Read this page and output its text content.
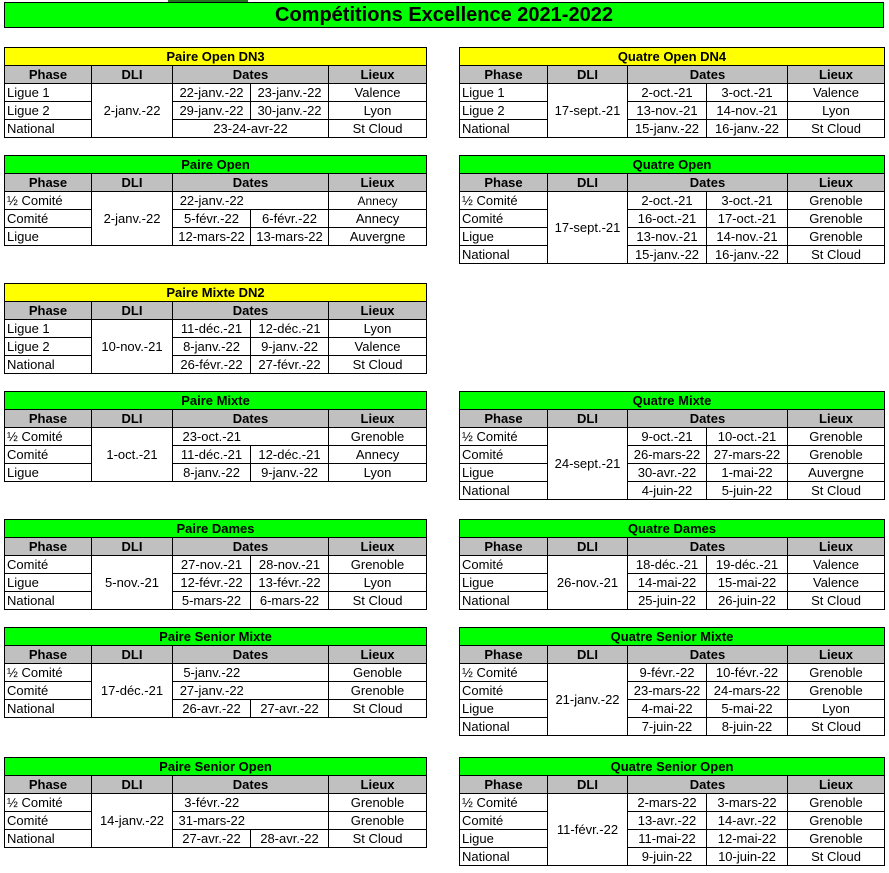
Compétitions Excellence 2021-2022
Paire Open DN3				
Phase	DLI	Dates		Lieux
Ligue 1	2-janv.-22	22-janv.-22	23-janv.-22	Valence
Ligue 2		29-janv.-22	30-janv.-22	Lyon
National		23-24-avr-22		St Cloud
Paire Open				
Phase	DLI	Dates		Lieux
½ Comité	2-janv.-22	22-janv.-22		Annecy
Comité		5-févr.-22	6-févr.-22	Annecy
Ligue		12-mars-22	13-mars-22	Auvergne
Paire Mixte DN2				
Phase	DLI	Dates		Lieux
Ligue 1	10-nov.-21	11-déc.-21	12-déc.-21	Lyon
Ligue 2		8-janv.-22	9-janv.-22	Valence
National		26-févr.-22	27-févr.-22	St Cloud
Paire Mixte				
Phase	DLI	Dates		Lieux
½ Comité	1-oct.-21	23-oct.-21		Grenoble
Comité		11-déc.-21	12-déc.-21	Annecy
Ligue		8-janv.-22	9-janv.-22	Lyon
Paire Dames				
Phase	DLI	Dates		Lieux
Comité	5-nov.-21	27-nov.-21	28-nov.-21	Grenoble
Ligue		12-févr.-22	13-févr.-22	Lyon
National		5-mars-22	6-mars-22	St Cloud
Paire Senior Mixte				
Phase	DLI	Dates		Lieux
½ Comité	17-déc.-21	5-janv.-22		Genoble
Comité		27-janv.-22		Grenoble
National		26-avr.-22	27-avr.-22	St Cloud
Paire Senior Open				
Phase	DLI	Dates		Lieux
½ Comité	14-janv.-22	3-févr.-22		Grenoble
Comité		31-mars-22		Grenoble
National		27-avr.-22	28-avr.-22	St Cloud
Quatre Open DN4				
Phase	DLI	Dates		Lieux
Ligue 1	17-sept.-21	2-oct.-21	3-oct.-21	Valence
Ligue 2		13-nov.-21	14-nov.-21	Lyon
National		15-janv.-22	16-janv.-22	St Cloud
Quatre Open				
Phase	DLI	Dates		Lieux
½ Comité	17-sept.-21	2-oct.-21	3-oct.-21	Grenoble
Comité		16-oct.-21	17-oct.-21	Grenoble
Ligue		13-nov.-21	14-nov.-21	Grenoble
National		15-janv.-22	16-janv.-22	St Cloud
Quatre Mixte				
Phase	DLI	Dates		Lieux
½ Comité	24-sept.-21	9-oct.-21	10-oct.-21	Grenoble
Comité		26-mars-22	27-mars-22	Grenoble
Ligue		30-avr.-22	1-mai-22	Auvergne
National		4-juin-22	5-juin-22	St Cloud
Quatre Dames				
Phase	DLI	Dates		Lieux
Comité	26-nov.-21	18-déc.-21	19-déc.-21	Valence
Ligue		14-mai-22	15-mai-22	Valence
National		25-juin-22	26-juin-22	St Cloud
Quatre Senior Mixte				
Phase	DLI	Dates		Lieux
½ Comité	21-janv.-22	9-févr.-22	10-févr.-22	Grenoble
Comité		23-mars-22	24-mars-22	Grenoble
Ligue		4-mai-22	5-mai-22	Lyon
National		7-juin-22	8-juin-22	St Cloud
Quatre Senior Open				
Phase	DLI	Dates		Lieux
½ Comité	11-févr.-22	2-mars-22	3-mars-22	Grenoble
Comité		13-avr.-22	14-avr.-22	Grenoble
Ligue		11-mai-22	12-mai-22	Grenoble
National		9-juin-22	10-juin-22	St Cloud
